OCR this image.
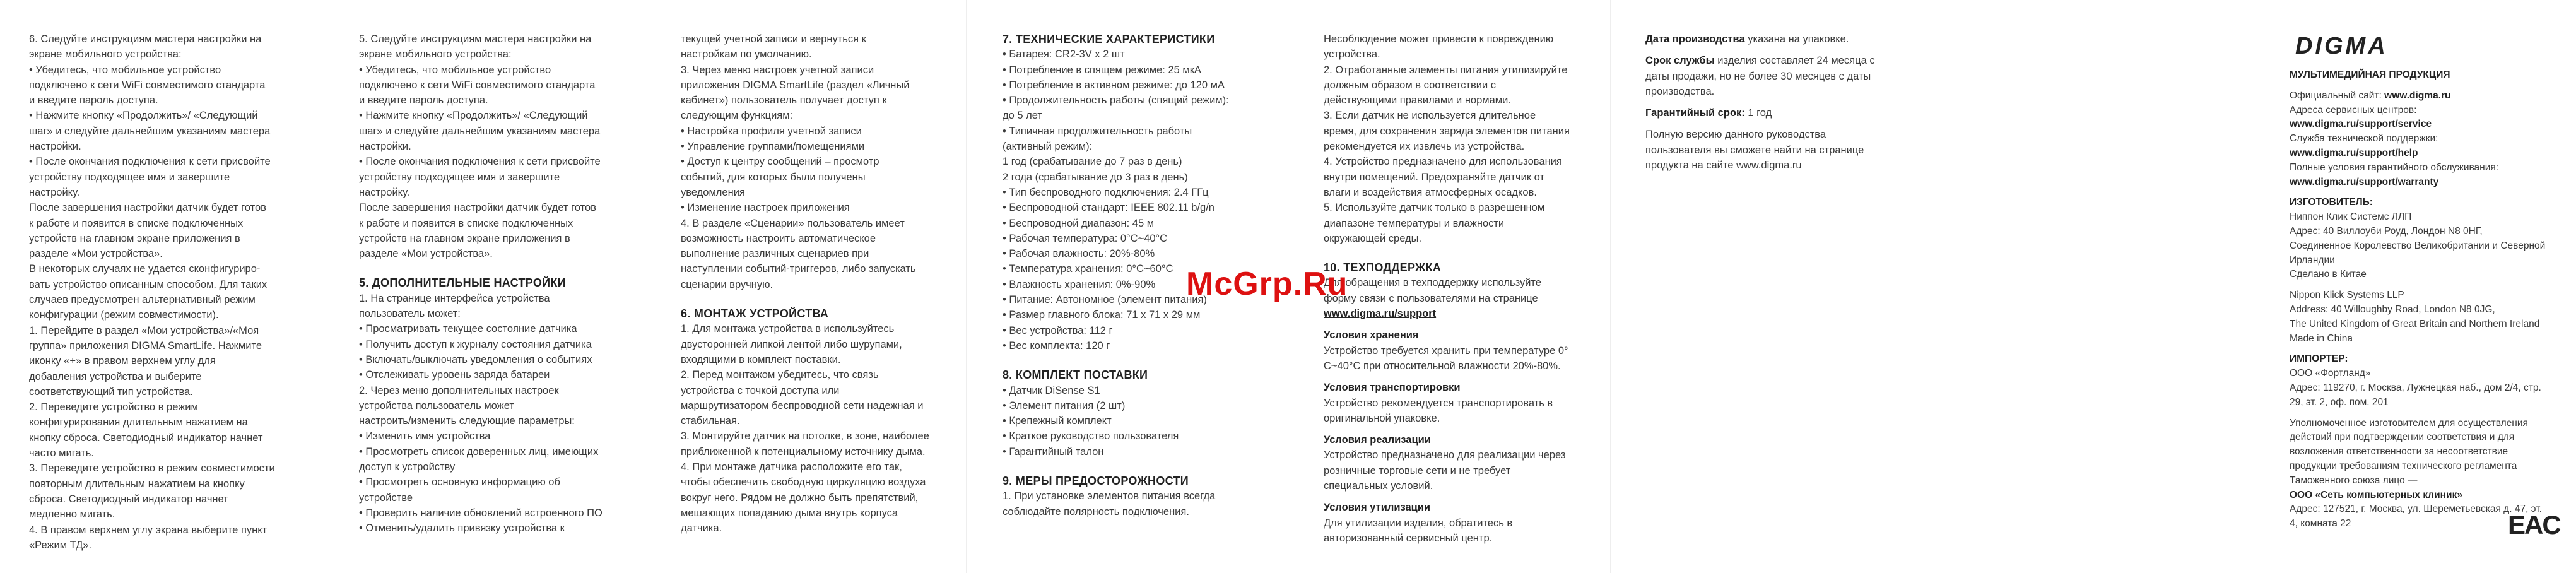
6. Следуйте инструкциям мастера настройки на

экране мобильного устройства:

• Убедитесь, что мобильное устройство

подключено к сети WiFi совместимого стандарта

и введите пароль доступа.

• Нажмите кнопку «Продолжить»/ «Следующий

шаг» и следуйте дальнейшим указаниям мастера

настройки.

• После окончания подключения к сети присвойте

устройству подходящее имя и завершите

настройку.

После завершения настройки датчик будет готов

к работе и появится в списке подключенных

устройств на главном экране приложения в

разделе «Мои устройства».

В некоторых случаях не удается сконфигуриро-

вать устройство описанным способом. Для таких

случаев предусмотрен альтернативный режим

конфигурации (режим совместимости).

1. Перейдите в раздел «Мои устройства»/«Моя

группа» приложения DIGMA SmartLife. Нажмите

иконку «+» в правом верхнем углу для

добавления устройства и выберите

соответствующий тип устройства.

2. Переведите устройство в режим

конфигурирования длительным нажатием на

кнопку сброса. Светодиодный индикатор начнет

часто мигать.

3. Переведите устройство в режим совместимости

повторным длительным нажатием на кнопку

сброса. Светодиодный индикатор начнет

медленно мигать.

4. В правом верхнем углу экрана выберите пункт

«Режим ТД».

5. Следуйте инструкциям мастера настройки на

экране мобильного устройства:

• Убедитесь, что мобильное устройство

подключено к сети WiFi совместимого стандарта

и введите пароль доступа.

• Нажмите кнопку «Продолжить»/ «Следующий

шаг» и следуйте дальнейшим указаниям мастера

настройки.

• После окончания подключения к сети присвойте

устройству подходящее имя и завершите

настройку.

После завершения настройки датчик будет готов

к работе и появится в списке подключенных

устройств на главном экране приложения в

разделе «Мои устройства».

5. ДОПОЛНИТЕЛЬНЫЕ НАСТРОЙКИ

1. На странице интерфейса устройства

пользователь может:

• Просматривать текущее состояние датчика

• Получить доступ к журналу состояния датчика

• Включать/выключать уведомления о событиях

• Отслеживать уровень заряда батареи

2. Через меню дополнительных настроек

устройства пользователь может

настроить/изменить следующие параметры:

• Изменить имя устройства

• Просмотреть список доверенных лиц, имеющих

доступ к устройству

• Просмотреть основную информацию об

устройстве

• Проверить наличие обновлений встроенного ПО

• Отменить/удалить привязку устройства к

текущей учетной записи и вернуться к

настройкам по умолчанию.

3. Через меню настроек учетной записи

приложения DIGMA SmartLife (раздел «Личный

кабинет») пользователь получает доступ к

следующим функциям:

• Настройка профиля учетной записи

• Управление группами/помещениями

• Доступ к центру сообщений – просмотр

событий, для которых были получены

уведомления

• Изменение настроек приложения

4. В разделе «Сценарии» пользователь имеет

возможность настроить автоматическое

выполнение различных сценариев при

наступлении событий-триггеров, либо запускать

сценарии вручную.

6. МОНТАЖ УСТРОЙСТВА

1. Для монтажа устройства в используйтесь

двусторонней липкой лентой либо шурупами,

входящими в комплект поставки.

2. Перед монтажом убедитесь, что связь

устройства с точкой доступа или

маршрутизатором беспроводной сети надежная и

стабильная.

3. Монтируйте датчик на потолке, в зоне, наиболее

приближенной к потенциальному источнику дыма.

4. При монтаже датчика расположите его так,

чтобы обеспечить свободную циркуляцию воздуха

вокруг него. Рядом не должно быть препятствий,

мешающих попаданию дыма внутрь корпуса

датчика.

7. ТЕХНИЧЕСКИЕ ХАРАКТЕРИСТИКИ

• Батарея: CR2-3V x 2 шт

• Потребление в спящем режиме: 25 мкА

• Потребление в активном режиме: до 120 мА

• Продолжительность работы (спящий режим):

до 5 лет

• Типичная продолжительность работы

(активный режим):

1 год (срабатывание до 7 раз в день)

2 года (срабатывание до 3 раз в день)

• Тип беспроводного подключения: 2.4 ГГц

• Беспроводной стандарт: IEEE 802.11 b/g/n

• Беспроводной диапазон: 45 м

• Рабочая температура: 0°C~40°C

• Рабочая влажность: 20%-80%

• Температура хранения: 0°C~60°C

• Влажность хранения: 0%-90%

• Питание: Автономное (элемент питания)

• Размер главного блока: 71 x 71 x 29 мм

• Вес устройства: 112 г

• Вес комплекта: 120 г

8. КОМПЛЕКТ ПОСТАВКИ

• Датчик DiSense S1

• Элемент питания (2 шт)

• Крепежный комплект

• Краткое руководство пользователя

• Гарантийный талон

9. МЕРЫ ПРЕДОСТОРОЖНОСТИ

1. При установке элементов питания всегда

соблюдайте полярность подключения.

Несоблюдение может привести к повреждению

устройства.

2. Отработанные элементы питания утилизируйте

должным образом в соответствии с

действующими правилами и нормами.

3. Если датчик не используется длительное

время, для сохранения заряда элементов питания

рекомендуется их извлечь из устройства.

4. Устройство предназначено для использования

внутри помещений. Предохраняйте датчик от

влаги и воздействия атмосферных осадков.

5. Используйте датчик только в разрешенном

диапазоне температуры и влажности

окружающей среды.

10. ТЕХПОДДЕРЖКА

Для обращения в техподдержку используйте

форму связи с пользователями на странице

www.digma.ru/support

Условия хранения

Устройство требуется хранить при температуре 0°

С~40°С при относительной влажности 20%-80%.

Условия транспортировки

Устройство рекомендуется транспортировать в

оригинальной упаковке.

Условия реализации

Устройство предназначено для реализации через

розничные торговые сети и не требует

специальных условий.

Условия утилизации

Для утилизации изделия, обратитесь в

авторизованный сервисный центр.

Дата производства указана на упаковке.

Срок службы изделия составляет 24 месяца с

даты продажи, но не более 30 месяцев с даты

производства.

Гарантийный срок: 1 год

Полную версию данного руководства

пользователя вы сможете найти на странице

продукта на сайте www.digma.ru

DIGMA

МУЛЬТИМЕДИЙНАЯ ПРОДУКЦИЯ

Официальный сайт: www.digma.ru

Адреса сервисных центров:

www.digma.ru/support/service

Служба технической поддержки:

www.digma.ru/support/help

Полные условия гарантийного обслуживания:

www.digma.ru/support/warranty

ИЗГОТОВИТЕЛЬ:

Ниппон Клик Системс ЛЛП

Адрес: 40 Виллоуби Роуд, Лондон N8 0HГ,

Соединенное Королевство Великобритании и Северной

Ирландии

Сделано в Китае

Nippon Klick Systems LLP

Address: 40 Willoughby Road, London N8 0JG,

The United Kingdom of Great Britain and Northern Ireland

Made in China

ИМПОРТЕР:

ООО «Фортланд»

Адрес: 119270, г. Москва, Лужнецкая наб., дом 2/4, стр.

29, эт. 2, оф. пом. 201

Уполномоченное изготовителем для осуществления

действий при подтверждении соответствия и для

возложения ответственности за несоответствие

продукции требованиям технического регламента

Таможенного союза лицо —

ООО «Сеть компьютерных клиник»

Адрес: 127521, г. Москва, ул. Шереметьевская д. 47, эт.

4, комната 22	EAC
McGrp.Ru
